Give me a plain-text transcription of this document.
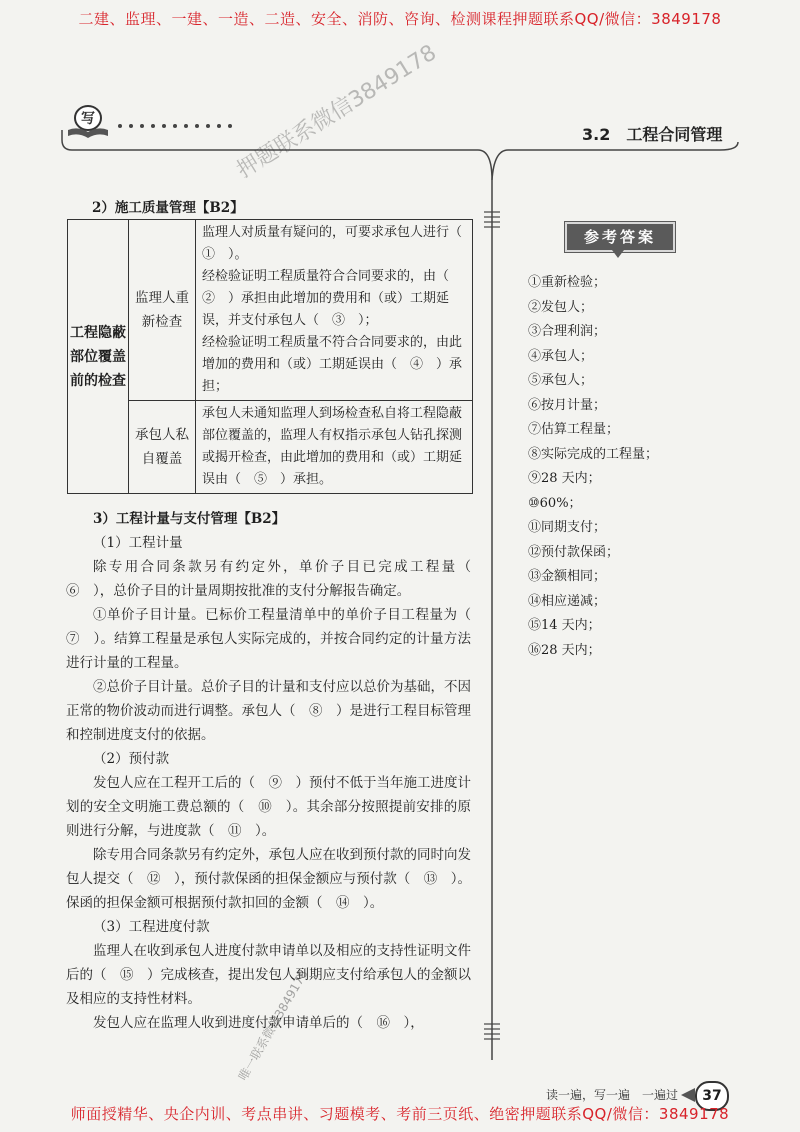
二建、监理、一建、一造、二造、安全、消防、咨询、检测课程押题联系QQ/微信：3849178
写
3.2　工程合同管理
2）施工质量管理【B2】
工程隐蔽部位覆盖前的检查	监理人重新检查	监理人对质量有疑问的，可要求承包人进行（　①　）。

经检验证明工程质量符合合同要求的，由（　②　）承担由此增加的费用和（或）工期延误，并支付承包人（　③　）；

经检验证明工程质量不符合合同要求的，由此增加的费用和（或）工期延误由（　④　）承担；

	承包人私自覆盖	承包人未通知监理人到场检查私自将工程隐蔽部位覆盖的，监理人有权指示承包人钻孔探测或揭开检查，由此增加的费用和（或）工期延误由（　⑤　）承担。

3）工程计量与支付管理【B2】

（1）工程计量

除专用合同条款另有约定外，单价子目已完成工程量（　⑥　），总价子目的计量周期按批准的支付分解报告确定。

①单价子目计量。已标价工程量清单中的单价子目工程量为（　⑦　）。结算工程量是承包人实际完成的，并按合同约定的计量方法进行计量的工程量。

②总价子目计量。总价子目的计量和支付应以总价为基础，不因正常的物价波动而进行调整。承包人（　⑧　）是进行工程目标管理和控制进度支付的依据。

（2）预付款

发包人应在工程开工后的（　⑨　）预付不低于当年施工进度计划的安全文明施工费总额的（　⑩　）。其余部分按照提前安排的原则进行分解，与进度款（　⑪　）。

除专用合同条款另有约定外，承包人应在收到预付款的同时向发包人提交（　⑫　），预付款保函的担保金额应与预付款（　⑬　）。保函的担保金额可根据预付款扣回的金额（　⑭　）。

（3）工程进度付款

监理人在收到承包人进度付款申请单以及相应的支持性证明文件后的（　⑮　）完成核查，提出发包人到期应支付给承包人的金额以及相应的支持性材料。

发包人应在监理人收到进度付款申请单后的（　⑯　），

参考答案
①重新检验；
②发包人；
③合理利润；
④承包人；
⑤承包人；
⑥按月计量；
⑦估算工程量；
⑧实际完成的工程量；
⑨28 天内；
⑩60%；
⑪同期支付；
⑫预付款保函；
⑬金额相同；
⑭相应递减；
⑮14 天内；
⑯28 天内；
读一遍，写一遍　一遍过	37
押题联系微信3849178
唯一联系微信3849178
师面授精华、央企内训、考点串讲、习题模考、考前三页纸、绝密押题联系QQ/微信：3849178
